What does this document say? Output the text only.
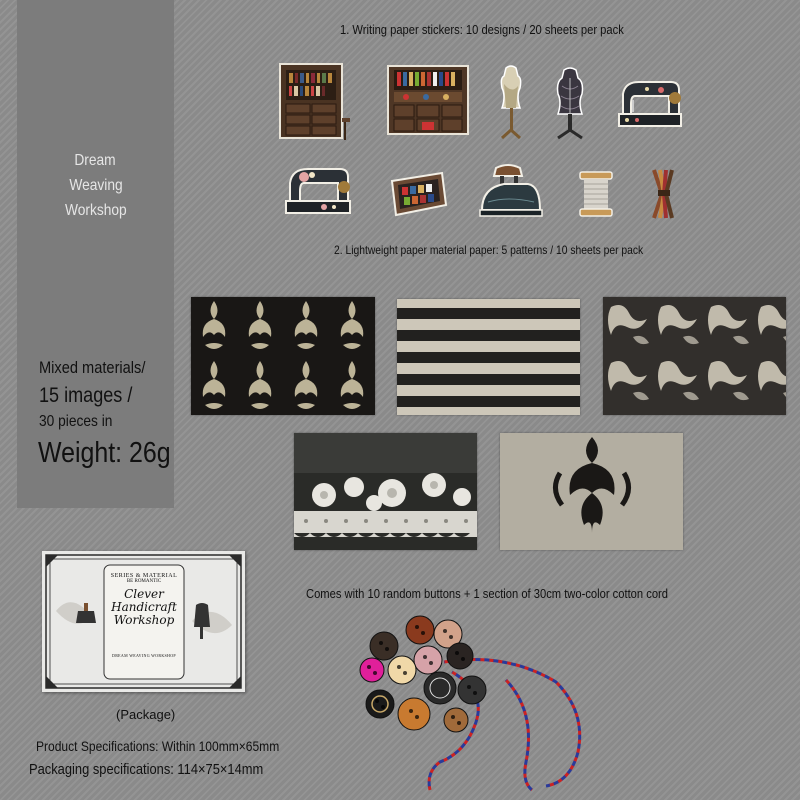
Dream
Weaving
Workshop
Mixed materials/
15 images /
30 pieces in
Weight: 26g
1. Writing paper stickers: 10 designs / 20 sheets per pack
2. Lightweight paper material paper: 5 patterns / 10 sheets per pack
Comes with 10 random buttons + 1 section of 30cm two-color cotton cord
SERIES & MATERIAL
BE ROMANTIC
Clever
Handicraft
Workshop
DREAM WEAVING WORKSHOP
(Package)
Product Specifications: Within 100mm×65mm
Packaging specifications: 114×75×14mm
